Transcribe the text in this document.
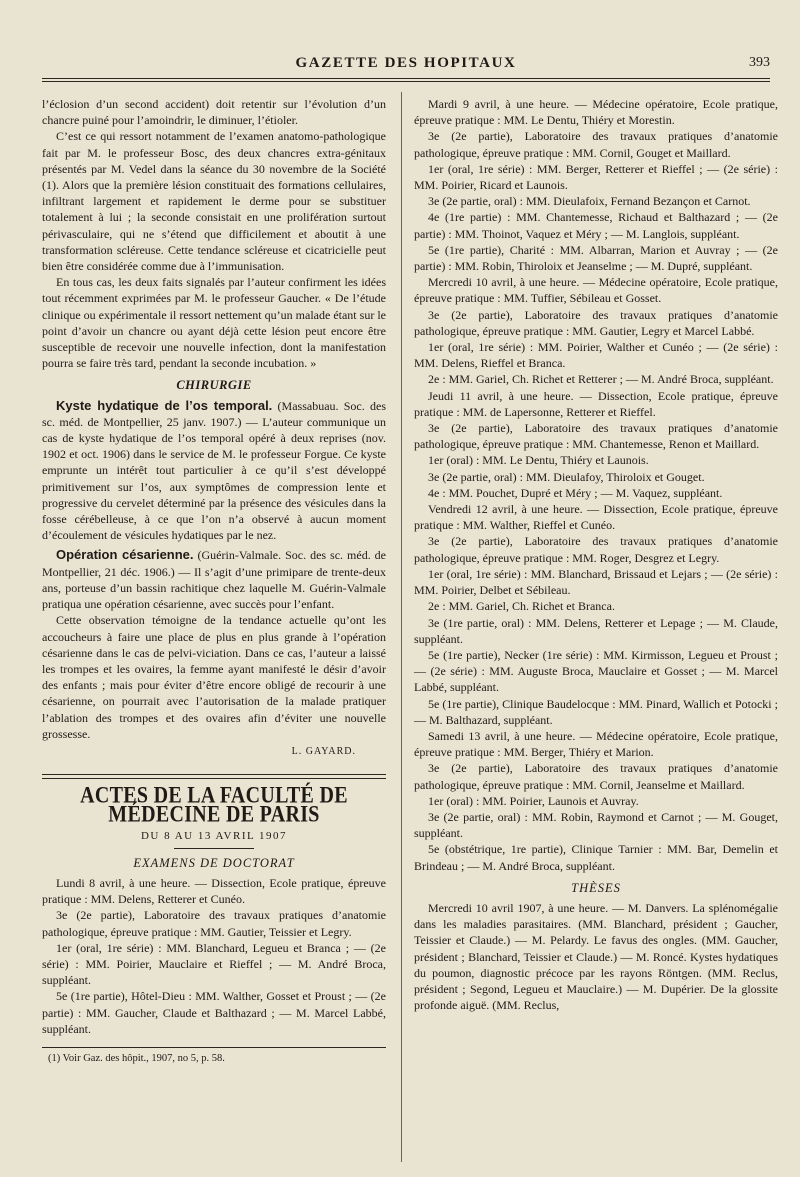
GAZETTE DES HOPITAUX	393

l’éclosion d’un second accident) doit retentir sur l’évolution d’un chancre puiné pour l’amoindrir, le diminuer, l’étioler.

C’est ce qui ressort notamment de l’examen anatomo-pathologique fait par M. le professeur Bosc, des deux chancres extra-génitaux présentés par M. Vedel dans la séance du 30 novembre de la Société (1). Alors que la première lésion constituait des formations cellulaires, infiltrant largement et rapidement le derme pour se substituer totalement à lui ; la seconde consistait en une prolifération surtout périvasculaire, qui ne s’étend que difficilement et aboutit à une transformation scléreuse. Cette tendance scléreuse et cicatricielle peut bien être considérée comme due à l’immunisation.

En tous cas, les deux faits signalés par l’auteur confirment les idées tout récemment exprimées par M. le professeur Gaucher. « De l’étude clinique ou expérimentale il ressort nettement qu’un malade étant sur le point d’avoir un chancre ou ayant déjà cette lésion peut encore être susceptible de recevoir une nouvelle infection, dont la manifestation pourra se faire très tard, pendant la seconde incubation. »

CHIRURGIE

Kyste hydatique de l’os temporal. (Massabuau. Soc. des sc. méd. de Montpellier, 25 janv. 1907.) — L’auteur communique un cas de kyste hydatique de l’os temporal opéré à deux reprises (nov. 1902 et oct. 1906) dans le service de M. le professeur Forgue. Ce kyste emprunte un intérêt tout particulier à ce qu’il s’est développé primitivement sur l’os, aux symptômes de compression lente et progressive du cervelet déterminé par la présence des vésicules dans la fosse cérébelleuse, à ce que l’on n’a observé à aucun moment d’écoulement de vésicules hydatiques par le nez.

Opération césarienne. (Guérin-Valmale. Soc. des sc. méd. de Montpellier, 21 déc. 1906.) — Il s’agit d’une primipare de trente-deux ans, porteuse d’un bassin rachitique chez laquelle M. Guérin-Valmale pratiqua une opération césarienne, avec succès pour l’enfant.

Cette observation témoigne de la tendance actuelle qu’ont les accoucheurs à faire une place de plus en plus grande à l’opération césarienne dans le cas de pelvi-viciation. Dans ce cas, l’auteur a laissé les trompes et les ovaires, la femme ayant manifesté le désir d’avoir des enfants ; mais pour éviter d’être encore obligé de recourir à une césarienne, on pourrait avec l’autorisation de la malade pratiquer l’ablation des trompes et des ovaires afin d’éviter une nouvelle grossesse.

L. GAYARD.
ACTES DE LA FACULTÉ DE MÉDECINE DE PARIS
DU 8 AU 13 AVRIL 1907
EXAMENS DE DOCTORAT

Lundi 8 avril, à une heure. — Dissection, Ecole pratique, épreuve pratique : MM. Delens, Retterer et Cunéo.

3e (2e partie), Laboratoire des travaux pratiques d’anatomie pathologique, épreuve pratique : MM. Gautier, Teissier et Legry.

1er (oral, 1re série) : MM. Blanchard, Legueu et Branca ; — (2e série) : MM. Poirier, Mauclaire et Rieffel ; — M. André Broca, suppléant.

5e (1re partie), Hôtel-Dieu : MM. Walther, Gosset et Proust ; — (2e partie) : MM. Gaucher, Claude et Balthazard ; — M. Marcel Labbé, suppléant.

(1) Voir Gaz. des hôpit., 1907, no 5, p. 58.

Mardi 9 avril, à une heure. — Médecine opératoire, Ecole pratique, épreuve pratique : MM. Le Dentu, Thiéry et Morestin.

3e (2e partie), Laboratoire des travaux pratiques d’anatomie pathologique, épreuve pratique : MM. Cornil, Gouget et Maillard.

1er (oral, 1re série) : MM. Berger, Retterer et Rieffel ; — (2e série) : MM. Poirier, Ricard et Launois.

3e (2e partie, oral) : MM. Dieulafoix, Fernand Bezançon et Carnot.

4e (1re partie) : MM. Chantemesse, Richaud et Balthazard ; — (2e partie) : MM. Thoinot, Vaquez et Méry ; — M. Langlois, suppléant.

5e (1re partie), Charité : MM. Albarran, Marion et Auvray ; — (2e partie) : MM. Robin, Thiroloix et Jeanselme ; — M. Dupré, suppléant.

Mercredi 10 avril, à une heure. — Médecine opératoire, Ecole pratique, épreuve pratique : MM. Tuffier, Sébileau et Gosset.

3e (2e partie), Laboratoire des travaux pratiques d’anatomie pathologique, épreuve pratique : MM. Gautier, Legry et Marcel Labbé.

1er (oral, 1re série) : MM. Poirier, Walther et Cunéo ; — (2e série) : MM. Delens, Rieffel et Branca.

2e : MM. Gariel, Ch. Richet et Retterer ; — M. André Broca, suppléant.

Jeudi 11 avril, à une heure. — Dissection, Ecole pratique, épreuve pratique : MM. de Lapersonne, Retterer et Rieffel.

3e (2e partie), Laboratoire des travaux pratiques d’anatomie pathologique, épreuve pratique : MM. Chantemesse, Renon et Maillard.

1er (oral) : MM. Le Dentu, Thiéry et Launois.

3e (2e partie, oral) : MM. Dieulafoy, Thiroloix et Gouget.

4e : MM. Pouchet, Dupré et Méry ; — M. Vaquez, suppléant.

Vendredi 12 avril, à une heure. — Dissection, Ecole pratique, épreuve pratique : MM. Walther, Rieffel et Cunéo.

3e (2e partie), Laboratoire des travaux pratiques d’anatomie pathologique, épreuve pratique : MM. Roger, Desgrez et Legry.

1er (oral, 1re série) : MM. Blanchard, Brissaud et Lejars ; — (2e série) : MM. Poirier, Delbet et Sébileau.

2e : MM. Gariel, Ch. Richet et Branca.

3e (1re partie, oral) : MM. Delens, Retterer et Lepage ; — M. Claude, suppléant.

5e (1re partie), Necker (1re série) : MM. Kirmisson, Legueu et Proust ; — (2e série) : MM. Auguste Broca, Mauclaire et Gosset ; — M. Marcel Labbé, suppléant.

5e (1re partie), Clinique Baudelocque : MM. Pinard, Wallich et Potocki ; — M. Balthazard, suppléant.

Samedi 13 avril, à une heure. — Médecine opératoire, Ecole pratique, épreuve pratique : MM. Berger, Thiéry et Marion.

3e (2e partie), Laboratoire des travaux pratiques d’anatomie pathologique, épreuve pratique : MM. Cornil, Jeanselme et Maillard.

1er (oral) : MM. Poirier, Launois et Auvray.

3e (2e partie, oral) : MM. Robin, Raymond et Carnot ; — M. Gouget, suppléant.

5e (obstétrique, 1re partie), Clinique Tarnier : MM. Bar, Demelin et Brindeau ; — M. André Broca, suppléant.

THÈSES

Mercredi 10 avril 1907, à une heure. — M. Danvers. La splénomégalie dans les maladies parasitaires. (MM. Blanchard, président ; Gaucher, Teissier et Claude.) — M. Pelardy. Le favus des ongles. (MM. Gaucher, président ; Blanchard, Teissier et Claude.) — M. Roncé. Kystes hydatiques du poumon, diagnostic précoce par les rayons Röntgen. (MM. Reclus, président ; Segond, Legueu et Mauclaire.) — M. Dupérier. De la glossite profonde aiguë. (MM. Reclus,
